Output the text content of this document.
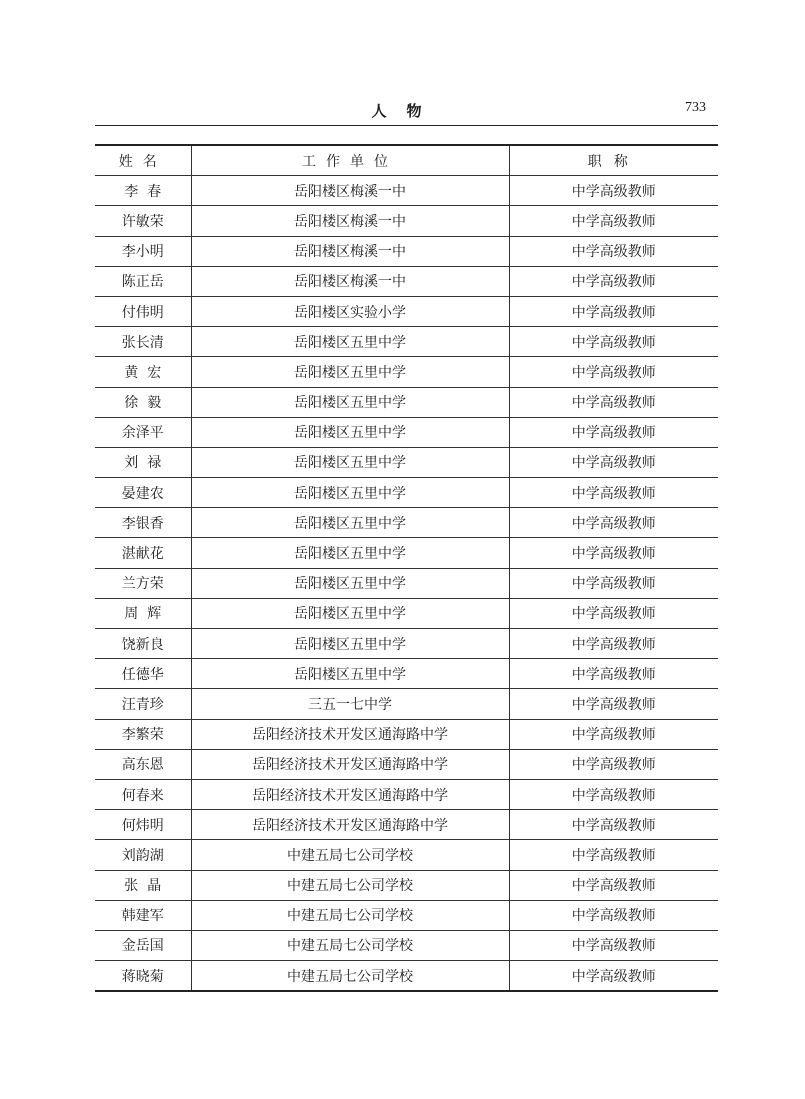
人物	733
姓名	工作单位	职称
李  春	岳阳楼区梅溪一中	中学高级教师
许敏荣	岳阳楼区梅溪一中	中学高级教师
李小明	岳阳楼区梅溪一中	中学高级教师
陈正岳	岳阳楼区梅溪一中	中学高级教师
付伟明	岳阳楼区实验小学	中学高级教师
张长清	岳阳楼区五里中学	中学高级教师
黄  宏	岳阳楼区五里中学	中学高级教师
徐  毅	岳阳楼区五里中学	中学高级教师
余泽平	岳阳楼区五里中学	中学高级教师
刘  禄	岳阳楼区五里中学	中学高级教师
晏建农	岳阳楼区五里中学	中学高级教师
李银香	岳阳楼区五里中学	中学高级教师
湛献花	岳阳楼区五里中学	中学高级教师
兰方荣	岳阳楼区五里中学	中学高级教师
周  辉	岳阳楼区五里中学	中学高级教师
饶新良	岳阳楼区五里中学	中学高级教师
任德华	岳阳楼区五里中学	中学高级教师
汪青珍	三五一七中学	中学高级教师
李繁荣	岳阳经济技术开发区通海路中学	中学高级教师
高东恩	岳阳经济技术开发区通海路中学	中学高级教师
何春来	岳阳经济技术开发区通海路中学	中学高级教师
何炜明	岳阳经济技术开发区通海路中学	中学高级教师
刘韵湖	中建五局七公司学校	中学高级教师
张  晶	中建五局七公司学校	中学高级教师
韩建军	中建五局七公司学校	中学高级教师
金岳国	中建五局七公司学校	中学高级教师
蒋晓菊	中建五局七公司学校	中学高级教师
